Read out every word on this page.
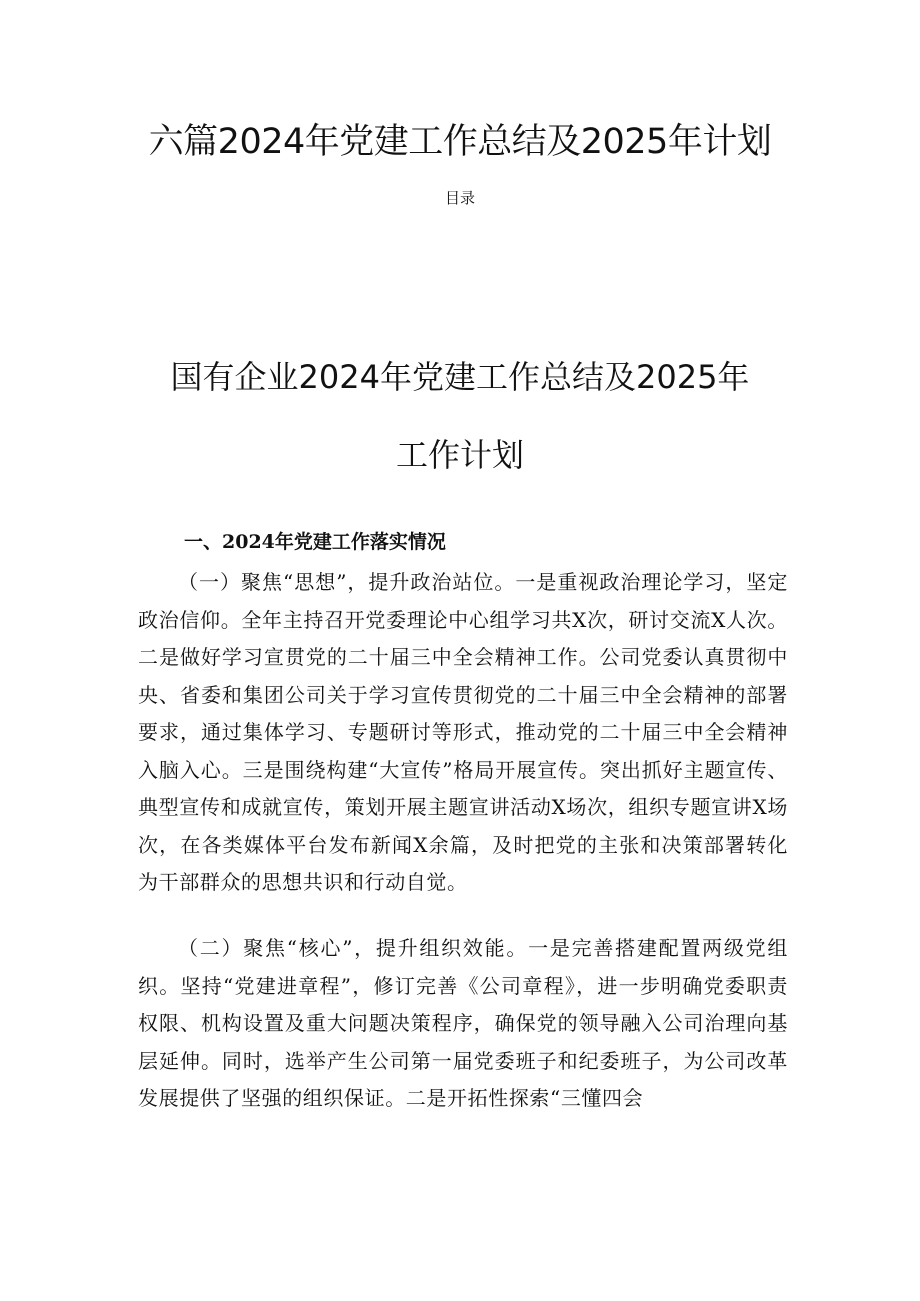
六篇2024年党建工作总结及2025年计划
目录
国有企业2024年党建工作总结及2025年
工作计划
一、2024年党建工作落实情况

（一）聚焦“思想”，提升政治站位。一是重视政治理论学习，坚定政治信仰。全年主持召开党委理论中心组学习共X次，研讨交流X人次。二是做好学习宣贯党的二十届三中全会精神工作。公司党委认真贯彻中央、省委和集团公司关于学习宣传贯彻党的二十届三中全会精神的部署要求，通过集体学习、专题研讨等形式，推动党的二十届三中全会精神入脑入心。三是围绕构建“大宣传”格局开展宣传。突出抓好主题宣传、典型宣传和成就宣传，策划开展主题宣讲活动X场次，组织专题宣讲X场次，在各类媒体平台发布新闻X余篇，及时把党的主张和决策部署转化为干部群众的思想共识和行动自觉。

（二）聚焦“核心”，提升组织效能。一是完善搭建配置两级党组织。坚持“党建进章程”，修订完善《公司章程》，进一步明确党委职责权限、机构设置及重大问题决策程序，确保党的领导融入公司治理向基层延伸。同时，选举产生公司第一届党委班子和纪委班子，为公司改革发展提供了坚强的组织保证。二是开拓性探索“三懂四会
